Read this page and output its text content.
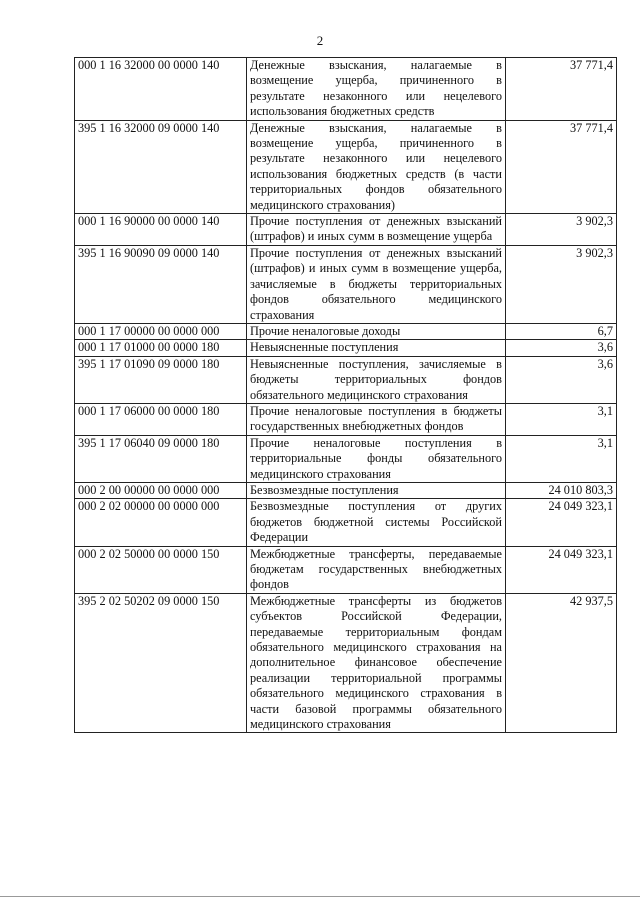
2
000 1 16 32000 00 0000 140	Денежные взыскания, налагаемые в возмещение ущерба, причиненного в результате незаконного или нецелевого использования бюджетных средств	37 771,4
395 1 16 32000 09 0000 140	Денежные взыскания, налагаемые в возмещение ущерба, причиненного в результате незаконного или нецелевого использования бюджетных средств (в части территориальных фондов обязательного медицинского страхования)	37 771,4
000 1 16 90000 00 0000 140	Прочие поступления от денежных взысканий (штрафов) и иных сумм в возмещение ущерба	3 902,3
395 1 16 90090 09 0000 140	Прочие поступления от денежных взысканий (штрафов) и иных сумм в возмещение ущерба, зачисляемые в бюджеты территориальных фондов обязательного медицинского страхования	3 902,3
000 1 17 00000 00 0000 000	Прочие неналоговые доходы	6,7
000 1 17 01000 00 0000 180	Невыясненные поступления	3,6
395 1 17 01090 09 0000 180	Невыясненные поступления, зачисляемые в бюджеты территориальных фондов обязательного медицинского страхования	3,6
000 1 17 06000 00 0000 180	Прочие неналоговые поступления в бюджеты государственных внебюджетных фондов	3,1
395 1 17 06040 09 0000 180	Прочие неналоговые поступления в территориальные фонды обязательного медицинского страхования	3,1
000 2 00 00000 00 0000 000	Безвозмездные поступления	24 010 803,3
000 2 02 00000 00 0000 000	Безвозмездные поступления от других бюджетов бюджетной системы Российской Федерации	24 049 323,1
000 2 02 50000 00 0000 150	Межбюджетные трансферты, передаваемые бюджетам государственных внебюджетных фондов	24 049 323,1
395 2 02 50202 09 0000 150	Межбюджетные трансферты из бюджетов субъектов Российской Федерации, передаваемые территориальным фондам обязательного медицинского страхования на дополнительное финансовое обеспечение реализации территориальной программы обязательного медицинского страхования в части базовой программы обязательного медицинского страхования	42 937,5
